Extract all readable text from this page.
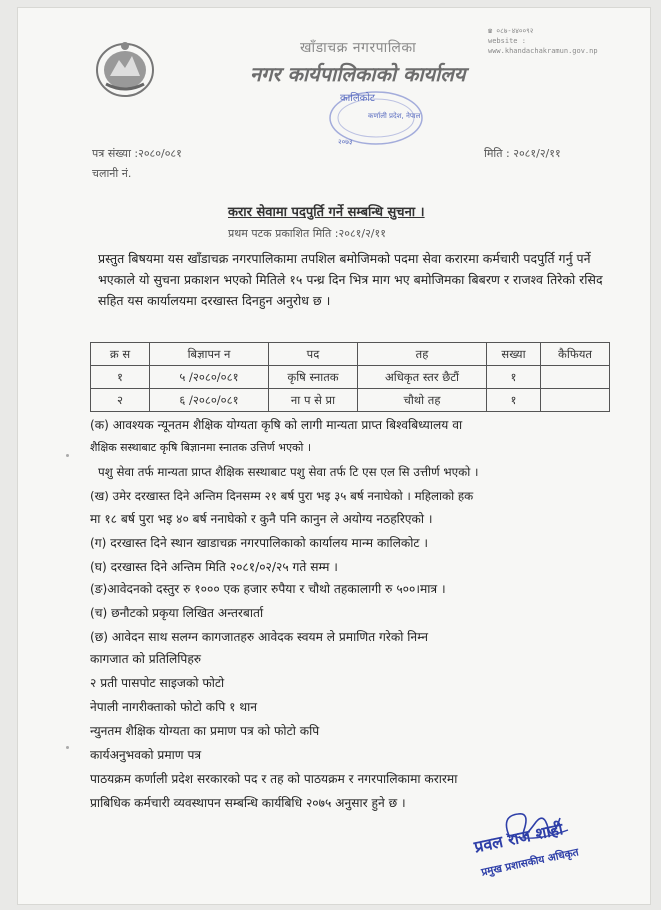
खाँडाचक्र नगरपालिका
नगर कार्यपालिकाको कार्यालय
☎ ०८७-४४००९२
website :
www.khandachakramun.gov.np
कालिकोट
कर्णाली प्रदेश, नेपाल
२०७३
पत्र संख्या :२०८०/०८१
चलानी नं.
मिति : २०८१/२/११
करार सेवामा पदपुर्ति गर्ने सम्बन्धि सुचना ।
प्रथम पटक प्रकाशित मिति :२०८१/२/११
प्रस्तुत बिषयमा यस खाँडाचक्र नगरपालिकामा तपशिल बमोजिमको पदमा सेवा करारमा कर्मचारी पदपुर्ति गर्नु पर्ने भएकाले यो सुचना प्रकाशन भएको मितिले १५ पन्ध्र दिन भित्र माग भए बमोजिमका बिबरण र राजश्व तिरेको रसिद सहित यस कार्यालयमा दरखास्त दिनहुन अनुरोध छ ।
क्र स	बिज्ञापन न	पद	तह	सख्या	कैफियत
१	५ /२०८०/०८१	कृषि स्नातक	अधिकृत स्तर छैटौं	१	
२	६ /२०८०/०८१	ना प से प्रा	चौथो तह	१	
(क) आवश्यक न्यूनतम शैक्षिक योग्यता कृषि को लागी मान्यता प्राप्त बिश्वबिध्यालय वा
शैक्षिक सस्थाबाट कृषि बिज्ञानमा स्नातक उत्तिर्ण भएको ।
पशु सेवा तर्फ मान्यता प्राप्त शैक्षिक सस्थाबाट पशु सेवा तर्फ टि एस एल सि उत्तीर्ण भएको ।
(ख) उमेर दरखास्त दिने अन्तिम दिनसम्म २१ बर्ष पुरा भइ ३५ बर्ष ननाघेको । महिलाको हक
मा १८ बर्ष पुरा भइ ४० बर्ष ननाघेको र कुनै पनि कानुन ले अयोग्य नठहरिएको ।
(ग) दरखास्त दिने स्थान खाडाचक्र नगरपालिकाको कार्यालय मान्म कालिकोट ।
(घ) दरखास्त दिने अन्तिम मिति २०८१/०२/२५ गते सम्म ।
(ङ)आवेदनको दस्तुर रु १००० एक हजार रुपैया र चौथो तहकालागी रु ५००।मात्र ।
(च) छनौटको प्रकृया लिखित अन्तरबार्ता
(छ) आवेदन साथ सलग्न कागजातहरु आवेदक स्वयम ले प्रमाणित गरेको निम्न
कागजात को प्रतिलिपिहरु
२ प्रती पासपोट साइजको फोटो
नेपाली नागरीक्ताको फोटो कपि १ थान
न्युनतम शैक्षिक योग्यता का प्रमाण पत्र को फोटो कपि
कार्यअनुभवको प्रमाण पत्र
पाठयक्रम कर्णाली प्रदेश सरकारको पद र तह को पाठयक्रम र नगरपालिकामा करारमा
प्राबिधिक कर्मचारी व्यवस्थापन सम्बन्धि कार्यबिधि २०७५ अनुसार हुने छ ।
प्रवल राज शाही
प्रमुख प्रशासकीय अधिकृत
